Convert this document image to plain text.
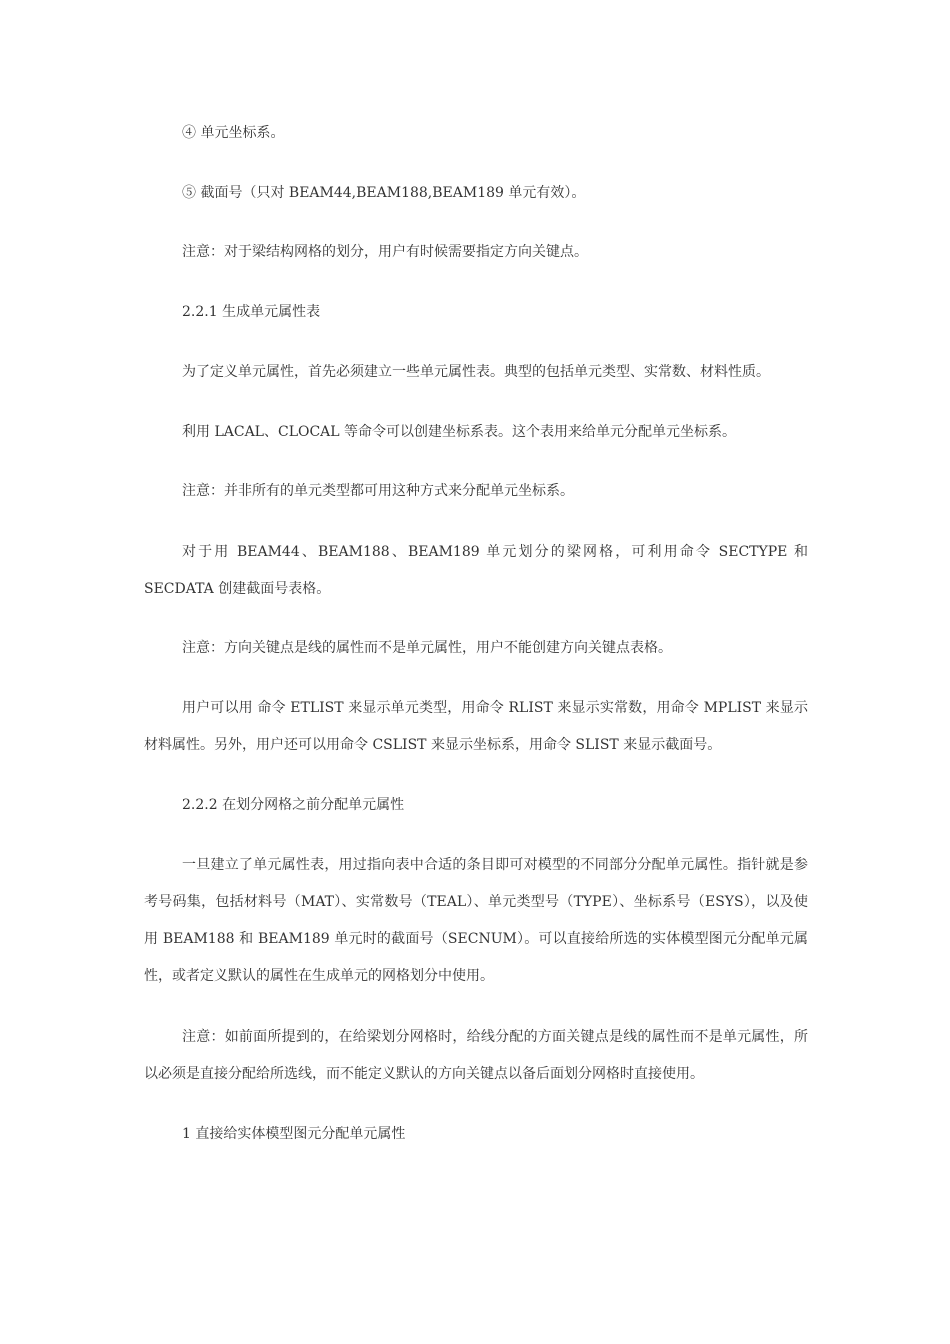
④ 单元坐标系。

⑤ 截面号（只对 BEAM44,BEAM188,BEAM189 单元有效）。

注意：对于梁结构网格的划分，用户有时候需要指定方向关键点。

2.2.1 生成单元属性表

为了定义单元属性，首先必须建立一些单元属性表。典型的包括单元类型、实常数、材料性质。

利用 LACAL、CLOCAL 等命令可以创建坐标系表。这个表用来给单元分配单元坐标系。

注意：并非所有的单元类型都可用这种方式来分配单元坐标系。

对于用 BEAM44、BEAM188、BEAM189 单元划分的梁网格，可利用命令 SECTYPE 和 SECDATA 创建截面号表格。

注意：方向关键点是线的属性而不是单元属性，用户不能创建方向关键点表格。

用户可以用 命令 ETLIST 来显示单元类型，用命令 RLIST 来显示实常数，用命令 MPLIST 来显示材料属性。另外，用户还可以用命令 CSLIST 来显示坐标系，用命令 SLIST 来显示截面号。

2.2.2 在划分网格之前分配单元属性

一旦建立了单元属性表，用过指向表中合适的条目即可对模型的不同部分分配单元属性。指针就是参考号码集，包括材料号（MAT）、实常数号（TEAL）、单元类型号（TYPE）、坐标系号（ESYS），以及使用 BEAM188 和 BEAM189 单元时的截面号（SECNUM）。可以直接给所选的实体模型图元分配单元属性，或者定义默认的属性在生成单元的网格划分中使用。

注意：如前面所提到的，在给梁划分网格时，给线分配的方面关键点是线的属性而不是单元属性，所以必须是直接分配给所选线，而不能定义默认的方向关键点以备后面划分网格时直接使用。

1 直接给实体模型图元分配单元属性
